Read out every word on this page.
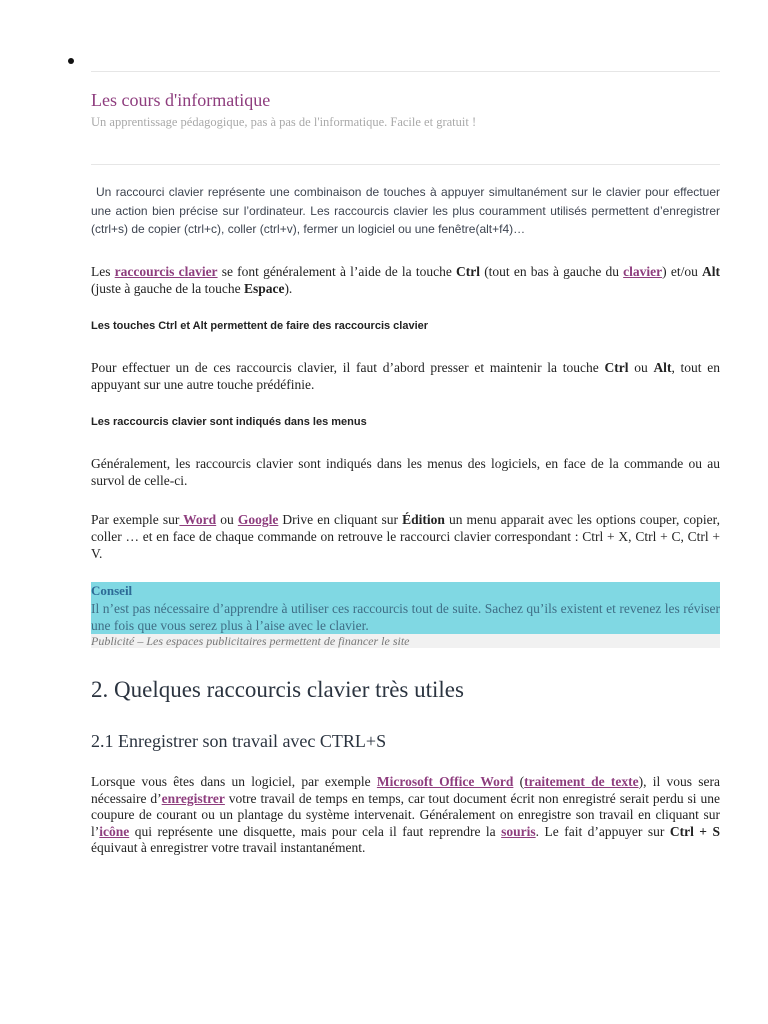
Les cours d'informatique
Un apprentissage pédagogique, pas à pas de l'informatique. Facile et gratuit !

Un raccourci clavier représente une combinaison de touches à appuyer simultanément sur le clavier pour effectuer une action bien précise sur l’ordinateur. Les raccourcis clavier les plus couramment utilisés permettent d’enregistrer (ctrl+s) de copier (ctrl+c), coller (ctrl+v), fermer un logiciel ou une fenêtre(alt+f4)…

Les raccourcis clavier se font généralement à l’aide de la touche Ctrl (tout en bas à gauche du clavier) et/ou Alt (juste à gauche de la touche Espace).

Les touches Ctrl et Alt permettent de faire des raccourcis clavier

Pour effectuer un de ces raccourcis clavier, il faut d’abord presser et maintenir la touche Ctrl ou Alt, tout en appuyant sur une autre touche prédéfinie.

Les raccourcis clavier sont indiqués dans les menus

Généralement, les raccourcis clavier sont indiqués dans les menus des logiciels, en face de la commande ou au survol de celle-ci.

Par exemple sur Word ou Google Drive en cliquant sur Édition un menu apparait avec les options couper, copier, coller … et en face de chaque commande on retrouve le raccourci clavier correspondant : Ctrl + X, Ctrl + C, Ctrl + V.

Conseil

Il n’est pas nécessaire d’apprendre à utiliser ces raccourcis tout de suite. Sachez qu’ils existent et revenez les réviser une fois que vous serez plus à l’aise avec le clavier.

Publicité – Les espaces publicitaires permettent de financer le site
2. Quelques raccourcis clavier très utiles
2.1 Enregistrer son travail avec CTRL+S

Lorsque vous êtes dans un logiciel, par exemple Microsoft Office Word (traitement de texte), il vous sera nécessaire d’enregistrer votre travail de temps en temps, car tout document écrit non enregistré serait perdu si une coupure de courant ou un plantage du système intervenait. Généralement on enregistre son travail en cliquant sur l’icône qui représente une disquette, mais pour cela il faut reprendre la souris. Le fait d’appuyer sur Ctrl + S équivaut à enregistrer votre travail instantanément.
